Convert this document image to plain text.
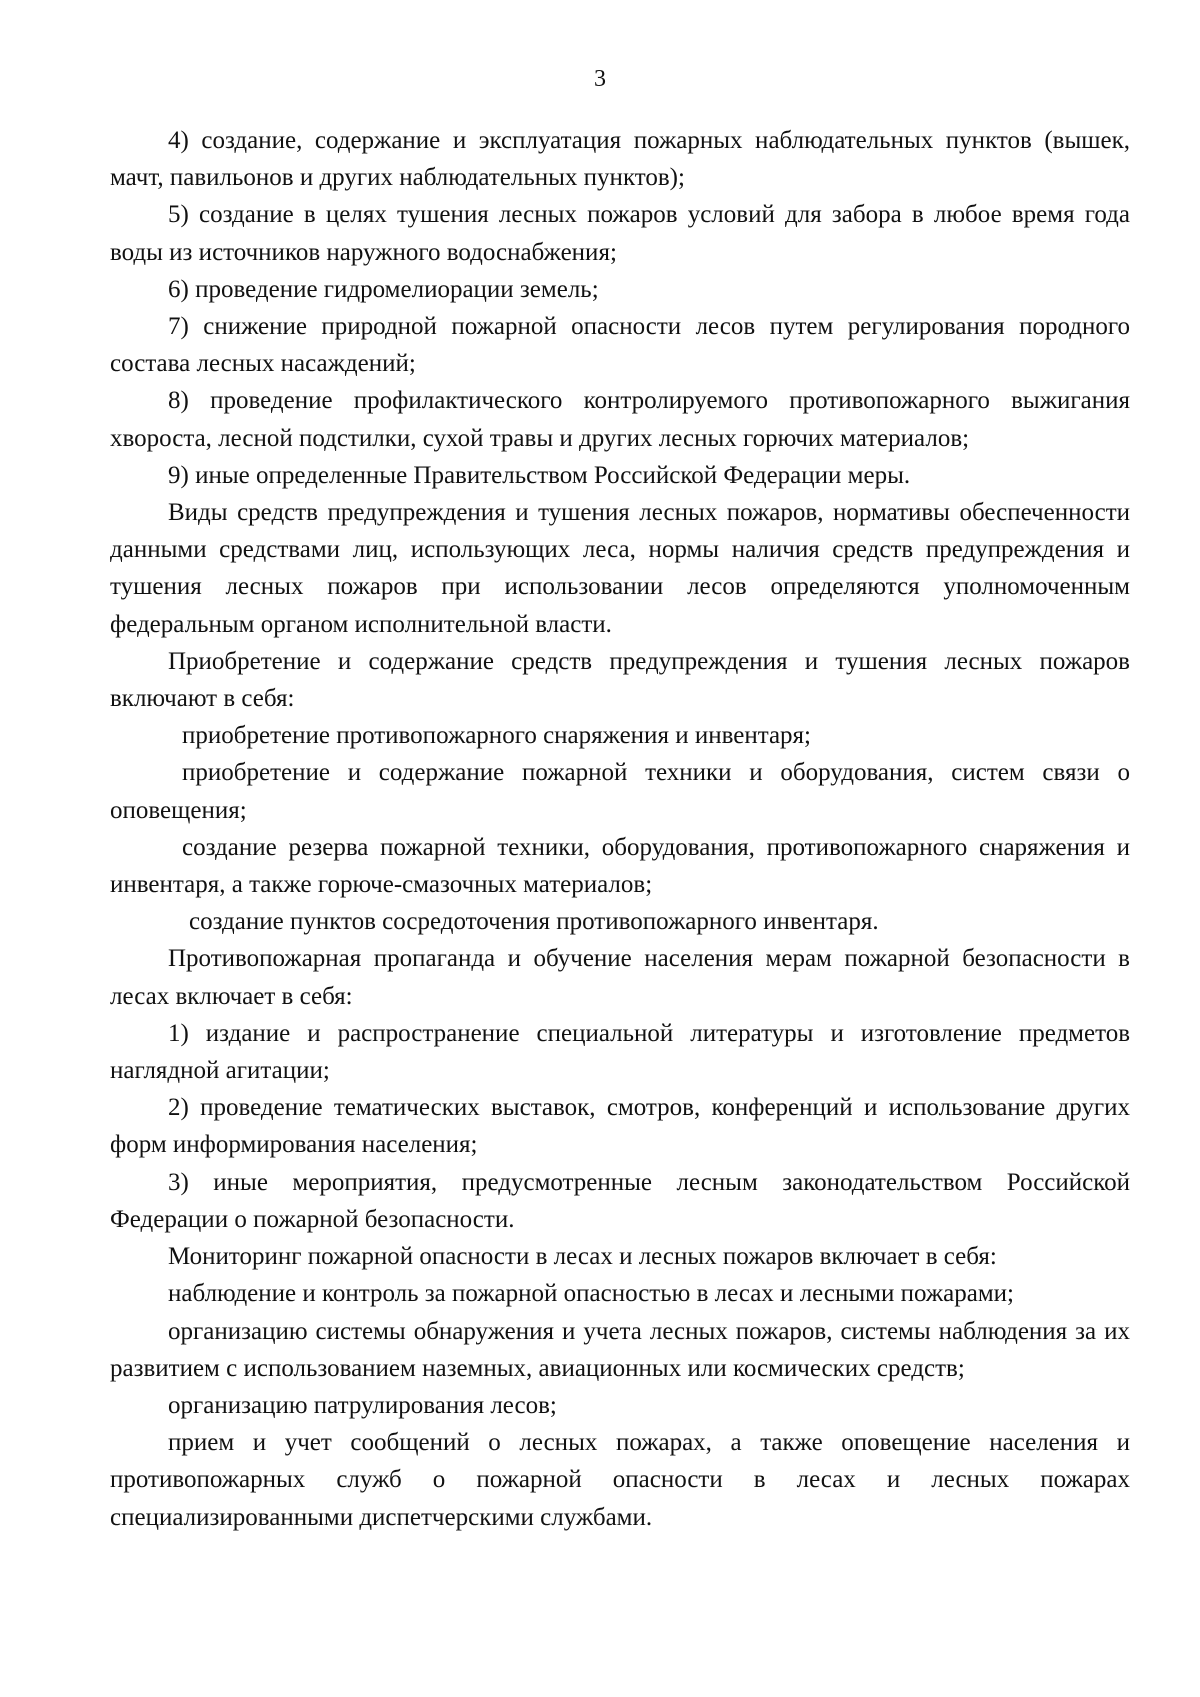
3

4) создание, содержание и эксплуатация пожарных наблюдательных пунктов (вышек, мачт, павильонов и других наблюдательных пунктов);

5) создание в целях тушения лесных пожаров условий для забора в любое время года воды из источников наружного водоснабжения;

6) проведение гидромелиорации земель;

7) снижение природной пожарной опасности лесов путем регулирования породного состава лесных насаждений;

8) проведение профилактического контролируемого противопожарного выжигания хвороста, лесной подстилки, сухой травы и других лесных горючих материалов;

9) иные определенные Правительством Российской Федерации меры.

Виды средств предупреждения и тушения лесных пожаров, нормативы обеспеченности данными средствами лиц, использующих леса, нормы наличия средств предупреждения и тушения лесных пожаров при использовании лесов определяются уполномоченным федеральным органом исполнительной власти.

Приобретение и содержание средств предупреждения и тушения лесных пожаров включают в себя:

приобретение противопожарного снаряжения и инвентаря;

приобретение и содержание пожарной техники и оборудования, систем связи о оповещения;

создание резерва пожарной техники, оборудования, противопожарного снаряжения и инвентаря, а также горюче-смазочных материалов;

создание пунктов сосредоточения противопожарного инвентаря.

Противопожарная пропаганда и обучение населения мерам пожарной безопасности в лесах включает в себя:

1) издание и распространение специальной литературы и изготовление предметов наглядной агитации;

2) проведение тематических выставок, смотров, конференций и использование других форм информирования населения;

3) иные мероприятия, предусмотренные лесным законодательством Российской Федерации о пожарной безопасности.

Мониторинг пожарной опасности в лесах и лесных пожаров включает в себя:

наблюдение и контроль за пожарной опасностью в лесах и лесными пожарами;

организацию системы обнаружения и учета лесных пожаров, системы наблюдения за их развитием с использованием наземных, авиационных или космических средств;

организацию патрулирования лесов;

прием и учет сообщений о лесных пожарах, а также оповещение населения и противопожарных служб о пожарной опасности в лесах и лесных пожарах специализированными диспетчерскими службами.
